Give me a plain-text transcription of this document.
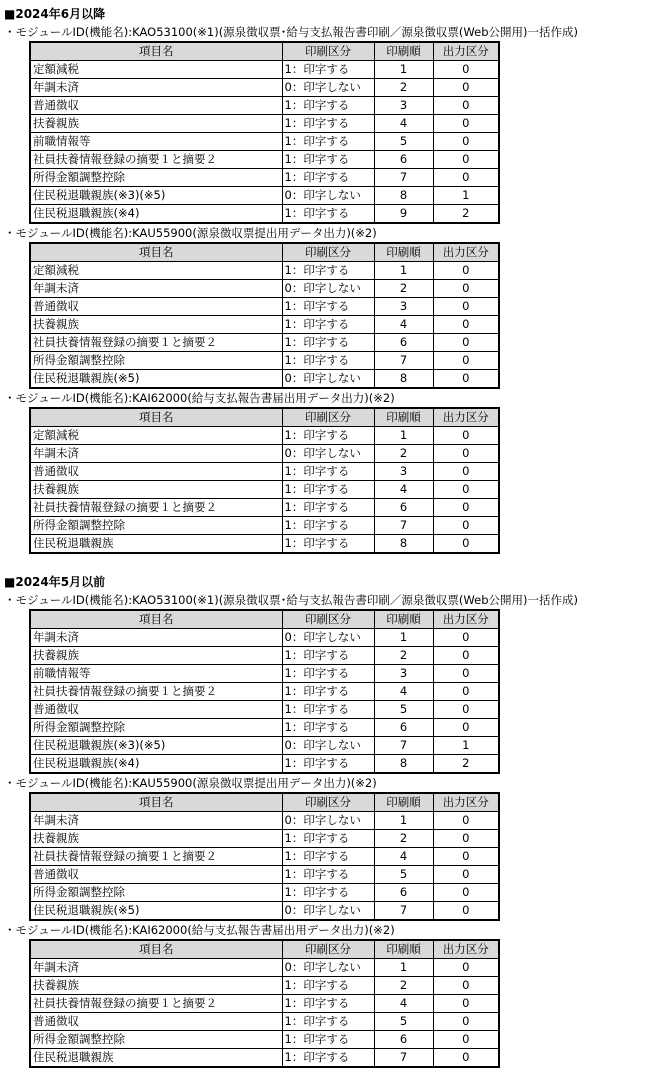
■2024年6月以降
・モジュールID(機能名):KAO53100(※1)(源泉徴収票･給与支払報告書印刷／源泉徴収票(Web公開用)一括作成)
項目名	印刷区分	印刷順	出力区分
定額減税	1：印字する	1	0
年調未済	0：印字しない	2	0
普通徴収	1：印字する	3	0
扶養親族	1：印字する	4	0
前職情報等	1：印字する	5	0
社員扶養情報登録の摘要１と摘要２	1：印字する	6	0
所得金額調整控除	1：印字する	7	0
住民税退職親族(※3)(※5)	0：印字しない	8	1
住民税退職親族(※4)	1：印字する	9	2
・モジュールID(機能名):KAU55900(源泉徴収票提出用データ出力)(※2)
項目名	印刷区分	印刷順	出力区分
定額減税	1：印字する	1	0
年調未済	0：印字しない	2	0
普通徴収	1：印字する	3	0
扶養親族	1：印字する	4	0
社員扶養情報登録の摘要１と摘要２	1：印字する	6	0
所得金額調整控除	1：印字する	7	0
住民税退職親族(※5)	0：印字しない	8	0
・モジュールID(機能名):KAI62000(給与支払報告書届出用データ出力)(※2)
項目名	印刷区分	印刷順	出力区分
定額減税	1：印字する	1	0
年調未済	0：印字しない	2	0
普通徴収	1：印字する	3	0
扶養親族	1：印字する	4	0
社員扶養情報登録の摘要１と摘要２	1：印字する	6	0
所得金額調整控除	1：印字する	7	0
住民税退職親族	1：印字する	8	0
■2024年5月以前
・モジュールID(機能名):KAO53100(※1)(源泉徴収票･給与支払報告書印刷／源泉徴収票(Web公開用)一括作成)
項目名	印刷区分	印刷順	出力区分
年調未済	0：印字しない	1	0
扶養親族	1：印字する	2	0
前職情報等	1：印字する	3	0
社員扶養情報登録の摘要１と摘要２	1：印字する	4	0
普通徴収	1：印字する	5	0
所得金額調整控除	1：印字する	6	0
住民税退職親族(※3)(※5)	0：印字しない	7	1
住民税退職親族(※4)	1：印字する	8	2
・モジュールID(機能名):KAU55900(源泉徴収票提出用データ出力)(※2)
項目名	印刷区分	印刷順	出力区分
年調未済	0：印字しない	1	0
扶養親族	1：印字する	2	0
社員扶養情報登録の摘要１と摘要２	1：印字する	4	0
普通徴収	1：印字する	5	0
所得金額調整控除	1：印字する	6	0
住民税退職親族(※5)	0：印字しない	7	0
・モジュールID(機能名):KAI62000(給与支払報告書届出用データ出力)(※2)
項目名	印刷区分	印刷順	出力区分
年調未済	0：印字しない	1	0
扶養親族	1：印字する	2	0
社員扶養情報登録の摘要１と摘要２	1：印字する	4	0
普通徴収	1：印字する	5	0
所得金額調整控除	1：印字する	6	0
住民税退職親族	1：印字する	7	0
